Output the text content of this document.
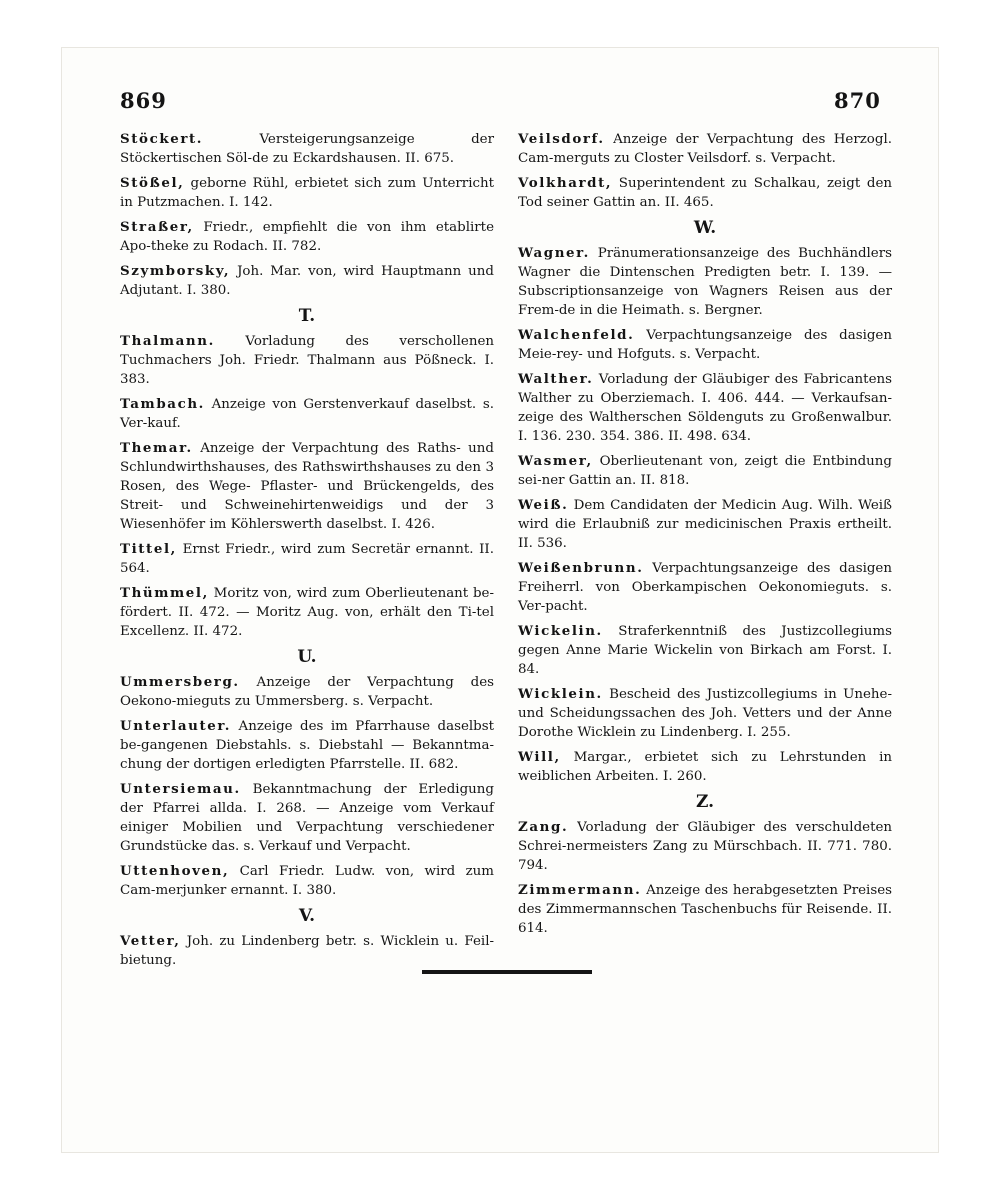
869	870

Stöckert.	Versteigerungsanzeige der Stöckertischen Söl-de zu Eckardshausen. II. 675.

Stößel, geborne Rühl, erbietet sich zum Unterricht in Putzmachen. I. 142.

Straßer, Friedr., empfiehlt die von ihm etablirte Apo-theke zu Rodach. II. 782.

Szymborsky, Joh. Mar. von, wird Hauptmann und Adjutant. I. 380.

T.

Thalmann. Vorladung des verschollenen Tuchmachers Joh. Friedr. Thalmann aus Pößneck. I. 383.

Tambach. Anzeige von Gerstenverkauf daselbst. s. Ver-kauf.

Themar. Anzeige der Verpachtung des Raths- und Schlundwirthshauses, des Rathswirthshauses zu den 3 Rosen, des Wege- Pflaster- und Brückengelds, des Streit- und Schweinehirtenweidigs und der 3 Wiesenhöfer im Köhlerswerth daselbst. I. 426.

Tittel, Ernst Friedr., wird zum Secretär ernannt. II. 564.

Thümmel, Moritz von, wird zum Oberlieutenant be-fördert. II. 472. — Moritz Aug. von, erhält den Ti-tel Excellenz. II. 472.

U.

Ummersberg. Anzeige der Verpachtung des Oekono-mieguts zu Ummersberg. s. Verpacht.

Unterlauter. Anzeige des im Pfarrhause daselbst be-gangenen Diebstahls. s. Diebstahl — Bekanntma-chung der dortigen erledigten Pfarrstelle. II. 682.

Untersiemau. Bekanntmachung der Erledigung der Pfarrei allda. I. 268. — Anzeige vom Verkauf einiger Mobilien und Verpachtung verschiedener Grundstücke das. s. Verkauf und Verpacht.

Uttenhoven, Carl Friedr. Ludw. von, wird zum Cam-merjunker ernannt. I. 380.

V.

Vetter, Joh. zu Lindenberg betr. s. Wicklein u. Feil-bietung.

Veilsdorf. Anzeige der Verpachtung des Herzogl. Cam-merguts zu Closter Veilsdorf. s. Verpacht.

Volkhardt, Superintendent zu Schalkau, zeigt den Tod seiner Gattin an. II. 465.

W.

Wagner. Pränumerationsanzeige des Buchhändlers Wagner die Dintenschen Predigten betr. I. 139. — Subscriptionsanzeige von Wagners Reisen aus der Frem-de in die Heimath. s. Bergner.

Walchenfeld. Verpachtungsanzeige des dasigen Meie-rey- und Hofguts. s. Verpacht.

Walther. Vorladung der Gläubiger des Fabricantens Walther zu Oberziemach. I. 406. 444. — Verkaufsan-zeige des Waltherschen Söldenguts zu Großenwalbur. I. 136. 230. 354. 386. II. 498. 634.

Wasmer, Oberlieutenant von, zeigt die Entbindung sei-ner Gattin an. II. 818.

Weiß. Dem Candidaten der Medicin Aug. Wilh. Weiß wird die Erlaubniß zur medicinischen Praxis ertheilt. II. 536.

Weißenbrunn. Verpachtungsanzeige des dasigen Freiherrl. von Oberkampischen Oekonomieguts. s. Ver-pacht.

Wickelin. Straferkenntniß des Justizcollegiums gegen Anne Marie Wickelin von Birkach am Forst. I. 84.

Wicklein. Bescheid des Justizcollegiums in Unehe- und Scheidungssachen des Joh. Vetters und der Anne Dorothe Wicklein zu Lindenberg. I. 255.

Will, Margar., erbietet sich zu Lehrstunden in weiblichen Arbeiten. I. 260.

Z.

Zang. Vorladung der Gläubiger des verschuldeten Schrei-nermeisters Zang zu Mürschbach. II. 771. 780. 794.

Zimmermann. Anzeige des herabgesetzten Preises des Zimmermannschen Taschenbuchs für Reisende. II. 614.
